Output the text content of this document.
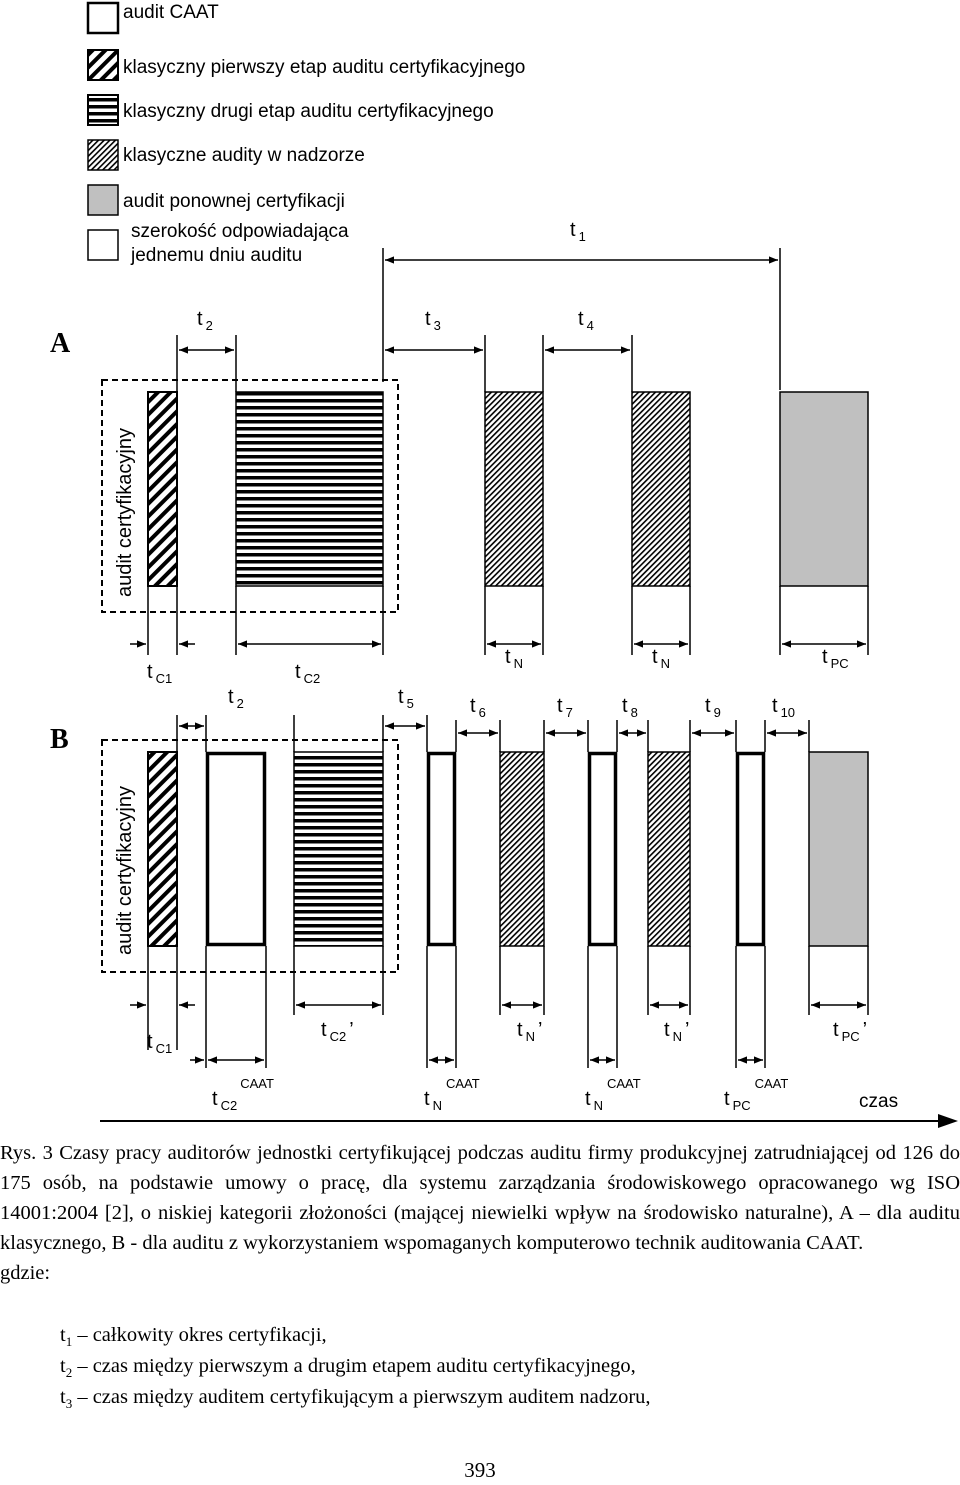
audit CAAT
klasyczny pierwszy etap auditu certyfikacyjnego
klasyczny drugi etap auditu certyfikacyjnego
klasyczne audity w nadzorze
audit ponownej certyfikacji
szerokość odpowiadająca
jednemu dniu auditu
A
t $_1$
t $_2$	t $_3$	t $_4$
audit certyfikacyjny
t $_{C1}$	t $_{C2}$
t $_N$	t $_N$	t $_{PC}$
B
t $_2$	t $_5$	t $_6$	t $_7$ t $_8$	t $_9$	t $_{10}$
audit certyfikacyjny
t $_{C1}$
t $_{C2}$ ’	t $_N$ ’	t $_N$ ’	t $_{PC}$ ’
t $_{C2}^{CAAT}$
t $_N^{CAAT}$
t $_N^{CAAT}$
t $_{PC}^{CAAT}$
czas

Rys. 3 Czasy pracy auditorów jednostki certyfikującej podczas auditu firmy produkcyjnej zatrudniającej od 126 do 175 osób, na podstawie umowy o pracę, dla systemu zarządzania środowiskowego opracowanego wg ISO 14001:2004 [2], o niskiej kategorii złożoności (mającej niewielki wpływ na środowisko naturalne), A – dla auditu klasycznego, B - dla auditu z wykorzystaniem wspomaganych komputerowo technik auditowania CAAT.

gdzie:

$t_1$ – całkowity okres certyfikacji,
$t_2$ – czas między pierwszym a drugim etapem auditu certyfikacyjnego,
$t_3$ – czas między auditem certyfikującym a pierwszym auditem nadzoru,
393
